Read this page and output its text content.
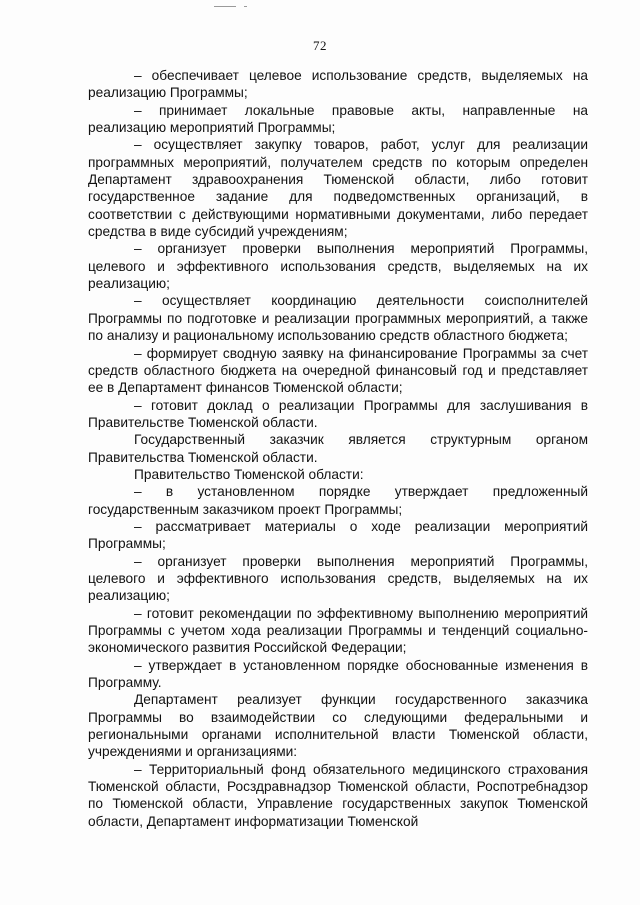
72

– обеспечивает целевое использование средств, выделяемых на реализацию Программы;

– принимает локальные правовые акты, направленные на реализацию мероприятий Программы;

– осуществляет закупку товаров, работ, услуг для реализации программных мероприятий, получателем средств по которым определен Департамент здравоохранения Тюменской области, либо готовит государственное задание для подведомственных организаций, в соответствии с действующими нормативными документами, либо передает средства в виде субсидий учреждениям;

– организует проверки выполнения мероприятий Программы, целевого и эффективного использования средств, выделяемых на их реализацию;

– осуществляет координацию деятельности соисполнителей Программы по подготовке и реализации программных мероприятий, а также по анализу и рациональному использованию средств областного бюджета;

– формирует сводную заявку на финансирование Программы за счет средств областного бюджета на очередной финансовый год и представляет ее в Департамент финансов Тюменской области;

– готовит доклад о реализации Программы для заслушивания в Правительстве Тюменской области.

Государственный заказчик является структурным органом Правительства Тюменской области.

Правительство Тюменской области:

– в установленном порядке утверждает предложенный государственным заказчиком проект Программы;

– рассматривает материалы о ходе реализации мероприятий Программы;

– организует проверки выполнения мероприятий Программы, целевого и эффективного использования средств, выделяемых на их реализацию;

– готовит рекомендации по эффективному выполнению мероприятий Программы с учетом хода реализации Программы и тенденций социально-экономического развития Российской Федерации;

– утверждает в установленном порядке обоснованные изменения в Программу.

Департамент реализует функции государственного заказчика Программы во взаимодействии со следующими федеральными и региональными органами исполнительной власти Тюменской области, учреждениями и организациями:

– Территориальный фонд обязательного медицинского страхования Тюменской области, Росздравнадзор Тюменской области, Роспотребнадзор по Тюменской области, Управление государственных закупок Тюменской области, Департамент информатизации Тюменской
